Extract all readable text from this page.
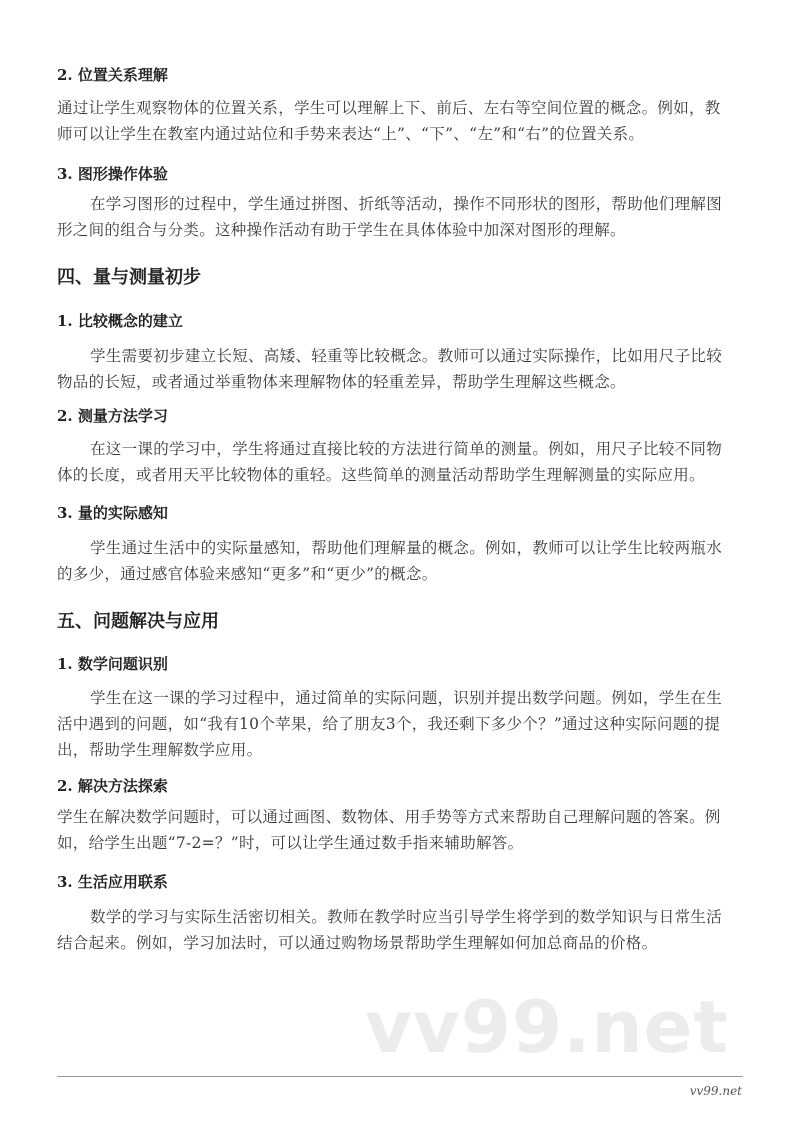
2. 位置关系理解
通过让学生观察物体的位置关系，学生可以理解上下、前后、左右等空间位置的概念。例如，教
师可以让学生在教室内通过站位和手势来表达“上”、“下”、“左”和“右”的位置关系。
3. 图形操作体验
在学习图形的过程中，学生通过拼图、折纸等活动，操作不同形状的图形，帮助他们理解图
形之间的组合与分类。这种操作活动有助于学生在具体体验中加深对图形的理解。
四、量与测量初步
1. 比较概念的建立
学生需要初步建立长短、高矮、轻重等比较概念。教师可以通过实际操作，比如用尺子比较
物品的长短，或者通过举重物体来理解物体的轻重差异，帮助学生理解这些概念。
2. 测量方法学习
在这一课的学习中，学生将通过直接比较的方法进行简单的测量。例如，用尺子比较不同物
体的长度，或者用天平比较物体的重轻。这些简单的测量活动帮助学生理解测量的实际应用。
3. 量的实际感知
学生通过生活中的实际量感知，帮助他们理解量的概念。例如，教师可以让学生比较两瓶水
的多少，通过感官体验来感知“更多”和“更少”的概念。
五、问题解决与应用
1. 数学问题识别
学生在这一课的学习过程中，通过简单的实际问题，识别并提出数学问题。例如，学生在生
活中遇到的问题，如“我有10个苹果，给了朋友3个，我还剩下多少个？”通过这种实际问题的提
出，帮助学生理解数学应用。
2. 解决方法探索
学生在解决数学问题时，可以通过画图、数物体、用手势等方式来帮助自己理解问题的答案。例
如，给学生出题“7-2=？”时，可以让学生通过数手指来辅助解答。
3. 生活应用联系
数学的学习与实际生活密切相关。教师在教学时应当引导学生将学到的数学知识与日常生活
结合起来。例如，学习加法时，可以通过购物场景帮助学生理解如何加总商品的价格。
vv99.net
vv99.net
